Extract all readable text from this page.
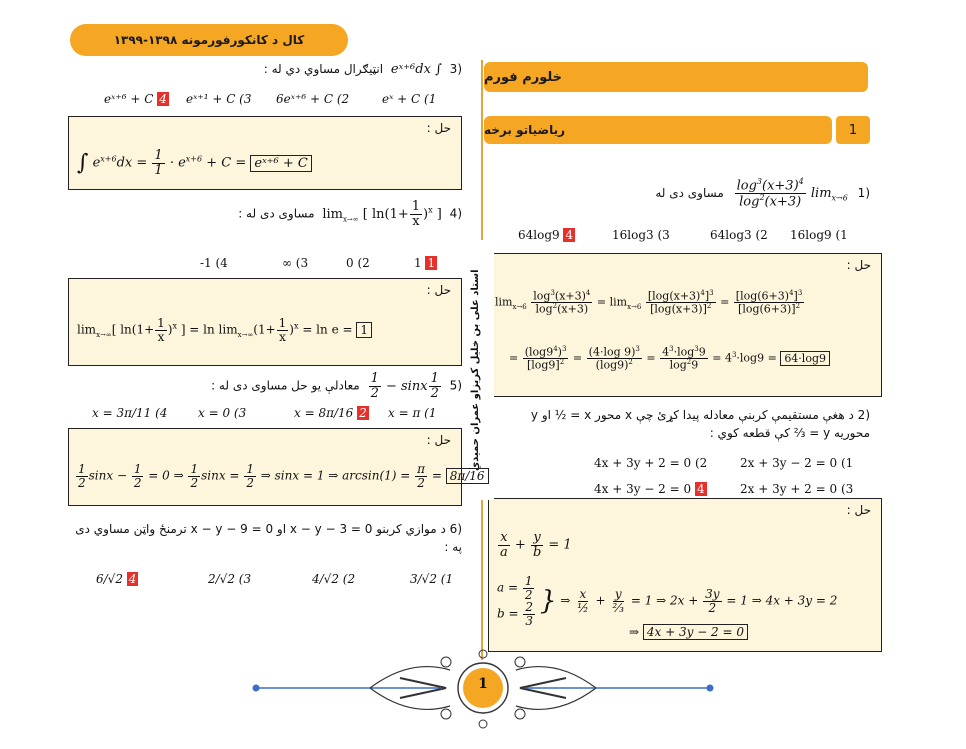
۱۳۹۹-۱۳۹۸ کال د کانکورفورمونه
خلورم فورم
رياضياتو برخه	1
(1 $\lim_{x\to 6}$
$\frac{\log^3(x+3)^4}{\log^2(x+3)}$
مساوی دی له
16log9 (1
64log3 (2
16log3 (3
64log9 4
حل :
$\lim_{x\to 6} \frac{\log^3(x+3)^4}{\log^2(x+3)} = \lim_{x\to 6} \frac{[\log(x+3)^4]^3}{[\log(x+3)]^2} = \frac{[\log(6+3)^4]^3}{[\log(6+3)]^2}$
= $\frac{(\log 9^4)^3}{[\log 9]^2} = \frac{(4\cdot\log 9)^3}{(\log 9)^2} = \frac{4^3\cdot\log^39}{\log^29} = 4^3\cdot\log 9 = 64\cdot\log 9$
(2 د هغې مستقيمې کربنې معادله پيدا کړئ چې x محور x = ½ او y محوريه y = ⅔ کې قطعه کوي :
2x + 3y − 2 = 0 (1
4x + 3y + 2 = 0 (2
2x + 3y + 2 = 0 (3
4x + 3y − 2 = 0 4
حل :
$\frac{x}{a} + \frac{y}{b} = 1$
$a = \frac{1}{2}$

$b = \frac{2}{3}$ } ⇒ $\frac{x}{\text{½}} + \frac{y}{\text{⅔}} = 1$ ⇒ $2x + \frac{3y}{2} = 1$ ⇒ 4x + 3y = 2
⇒ 4x + 3y − 2 = 0
استاد علی بن خلیل کریزاو عمران حمیدي
(3 ∫ eˣ⁺⁶dx انټيګرال مساوي دي له :
eˣ + C (1
6eˣ⁺⁶ + C (2
eˣ⁺¹ + C (3
eˣ⁺⁶ + C 4
حل :
∫ $e^{x+6}dx = \frac{1}{1} \cdot e^{x+6} + C$ = eˣ⁺⁶ + C
(4 $\lim_{x\to\infty}$ [ $\ln(1+ \frac{1}{x} )^x$ ] مساوی دی له :
1 1
0 (2
∞ (3
-1 (4
حل :
$\lim_{x\to\infty}$[ $\ln(1+ \frac{1}{x} )^x$ ] = $\ln \lim_{x\to\infty}(1+ \frac{1}{x} )^x = \ln e = 1$
(5
$\frac{1}{2}$
sinx −
$\frac{1}{2}$
معادلې يو حل مساوی دی له :
x = π (1
x = 8π/16 2
x = 0 (3
x = 3π/11 (4
حل :
$\frac{1}{2}$ $\sin x - \frac{1}{2} = 0$ ⇒ $\frac{1}{2}$ $\sin x = \frac{1}{2}$ ⇒ sinx = 1 ⇒ $\arcsin(1) = \frac{\pi}{2} = 8\pi/16$
(6 د موازي کربنو x − y − 3 = 0 او x − y − 9 = 0 ترمنځ واټن مساوي دی په :
3/√2 (1
4/√2 (2
2/√2 (3
6/√2 4
1
